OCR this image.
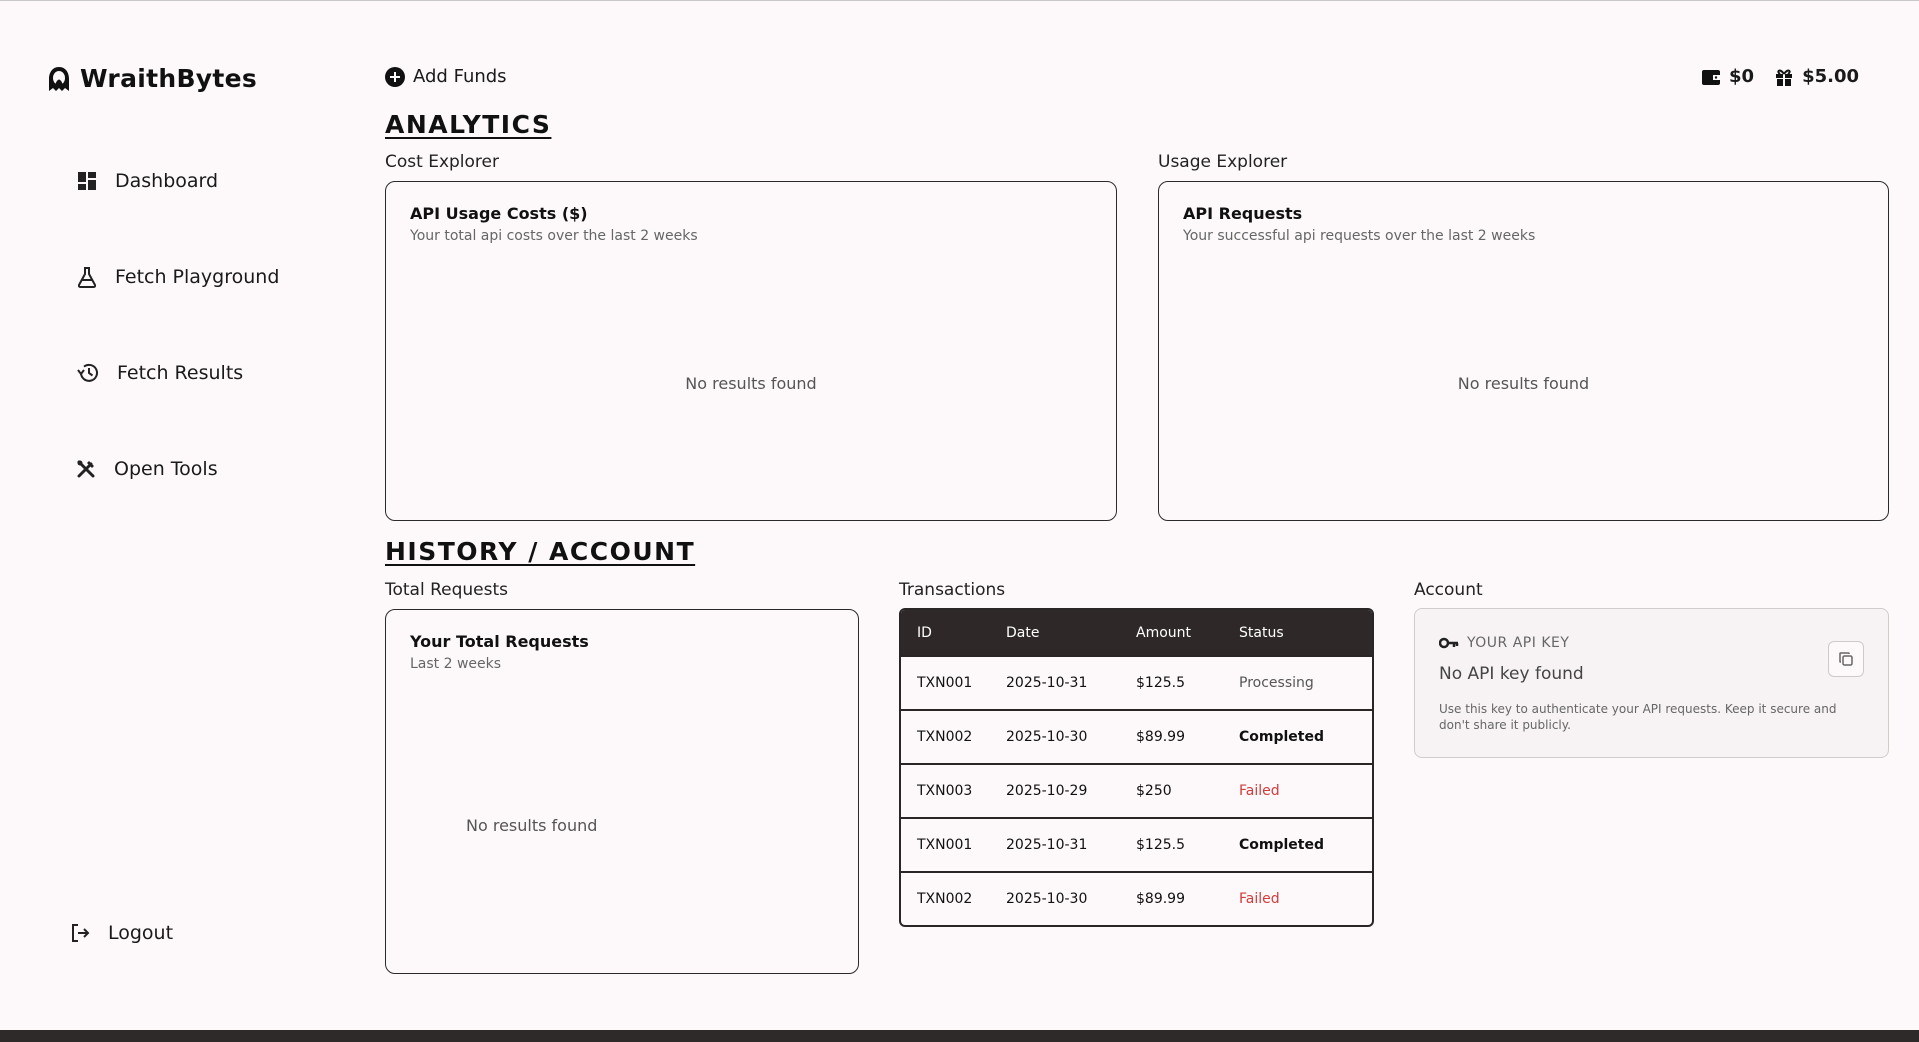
WraithBytes
Dashboard
Fetch Playground
Fetch Results
Open Tools
Logout
Add Funds	$0	$5.00
ANALYTICS
Cost Explorer
API Usage Costs ($)
Your total api costs over the last 2 weeks
No results found
Usage Explorer
API Requests
Your successful api requests over the last 2 weeks
No results found
HISTORY / ACCOUNT
Total Requests
Your Total Requests
Last 2 weeks
No results found
Transactions
ID	Date	Amount	Status
TXN001	2025-10-31	$125.5	Processing
TXN002	2025-10-30	$89.99	Completed
TXN003	2025-10-29	$250	Failed
TXN001	2025-10-31	$125.5	Completed
TXN002	2025-10-30	$89.99	Failed
Account
YOUR API KEY
No API key found
Use this key to authenticate your API requests. Keep it secure and don't share it publicly.
